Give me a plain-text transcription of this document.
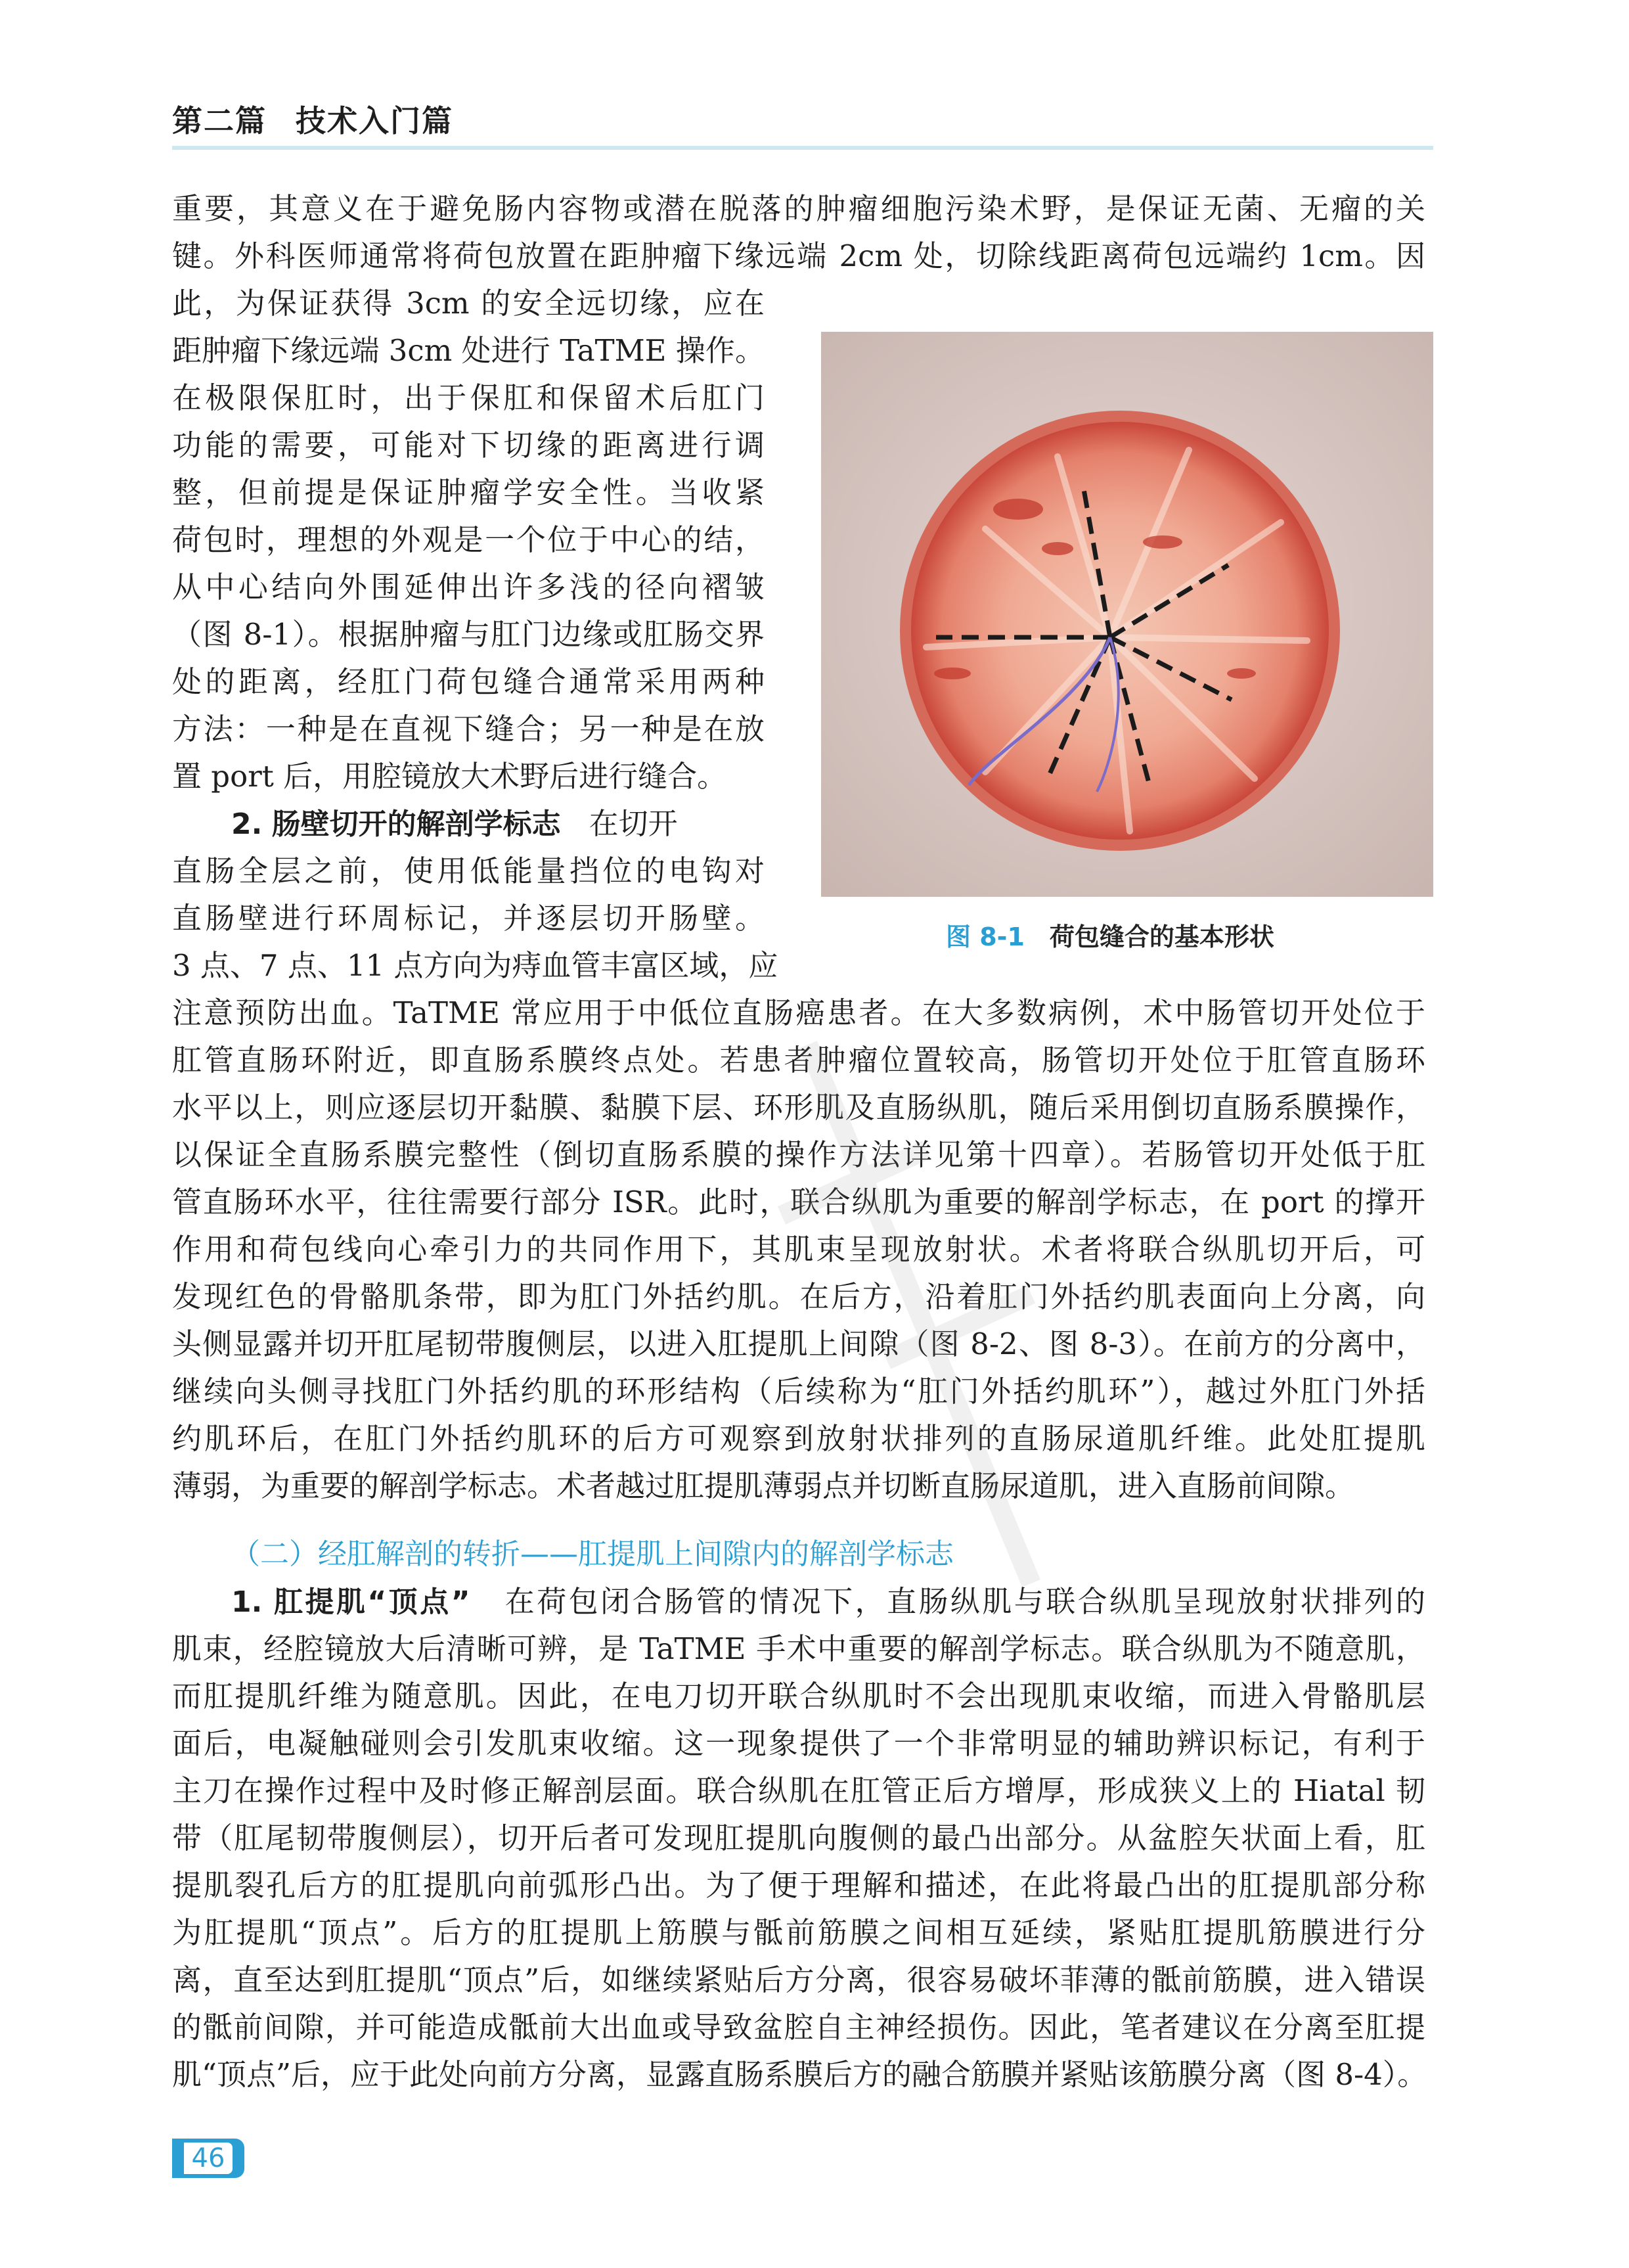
第二篇 技术入门篇
重要，其意义在于避免肠内容物或潜在脱落的肿瘤细胞污染术野，是保证无菌、无瘤的关
键。外科医师通常将荷包放置在距肿瘤下缘远端 2cm 处，切除线距离荷包远端约 1cm。因
此，为保证获得 3cm 的安全远切缘，应在
距肿瘤下缘远端 3cm 处进行 TaTME 操作。
在极限保肛时，出于保肛和保留术后肛门
功能的需要，可能对下切缘的距离进行调
整，但前提是保证肿瘤学安全性。当收紧
荷包时，理想的外观是一个位于中心的结，
从中心结向外围延伸出许多浅的径向褶皱
（图 8-1）。根据肿瘤与肛门边缘或肛肠交界
处的距离，经肛门荷包缝合通常采用两种
方法：一种是在直视下缝合；另一种是在放
置 port 后，用腔镜放大术野后进行缝合。
2. 肠壁切开的解剖学标志 在切开
直肠全层之前，使用低能量挡位的电钩对
直肠壁进行环周标记，并逐层切开肠壁。
3 点、7 点、11 点方向为痔血管丰富区域，应
注意预防出血。TaTME 常应用于中低位直肠癌患者。在大多数病例，术中肠管切开处位于
肛管直肠环附近，即直肠系膜终点处。若患者肿瘤位置较高，肠管切开处位于肛管直肠环
水平以上，则应逐层切开黏膜、黏膜下层、环形肌及直肠纵肌，随后采用倒切直肠系膜操作，
以保证全直肠系膜完整性（倒切直肠系膜的操作方法详见第十四章）。若肠管切开处低于肛
管直肠环水平，往往需要行部分 ISR。此时，联合纵肌为重要的解剖学标志，在 port 的撑开
作用和荷包线向心牵引力的共同作用下，其肌束呈现放射状。术者将联合纵肌切开后，可
发现红色的骨骼肌条带，即为肛门外括约肌。在后方，沿着肛门外括约肌表面向上分离，向
头侧显露并切开肛尾韧带腹侧层，以进入肛提肌上间隙（图 8-2、图 8-3）。在前方的分离中，
继续向头侧寻找肛门外括约肌的环形结构（后续称为“肛门外括约肌环”），越过外肛门外括
约肌环后，在肛门外括约肌环的后方可观察到放射状排列的直肠尿道肌纤维。此处肛提肌
薄弱，为重要的解剖学标志。术者越过肛提肌薄弱点并切断直肠尿道肌，进入直肠前间隙。
（二）经肛解剖的转折——肛提肌上间隙内的解剖学标志
1. 肛提肌“顶点” 在荷包闭合肠管的情况下，直肠纵肌与联合纵肌呈现放射状排列的
肌束，经腔镜放大后清晰可辨，是 TaTME 手术中重要的解剖学标志。联合纵肌为不随意肌，
而肛提肌纤维为随意肌。因此，在电刀切开联合纵肌时不会出现肌束收缩，而进入骨骼肌层
面后，电凝触碰则会引发肌束收缩。这一现象提供了一个非常明显的辅助辨识标记，有利于
主刀在操作过程中及时修正解剖层面。联合纵肌在肛管正后方增厚，形成狭义上的 Hiatal 韧
带（肛尾韧带腹侧层），切开后者可发现肛提肌向腹侧的最凸出部分。从盆腔矢状面上看，肛
提肌裂孔后方的肛提肌向前弧形凸出。为了便于理解和描述，在此将最凸出的肛提肌部分称
为肛提肌“顶点”。后方的肛提肌上筋膜与骶前筋膜之间相互延续，紧贴肛提肌筋膜进行分
离，直至达到肛提肌“顶点”后，如继续紧贴后方分离，很容易破坏菲薄的骶前筋膜，进入错误
的骶前间隙，并可能造成骶前大出血或导致盆腔自主神经损伤。因此，笔者建议在分离至肛提
肌“顶点”后，应于此处向前方分离，显露直肠系膜后方的融合筋膜并紧贴该筋膜分离（图 8-4）。
图 8-1 荷包缝合的基本形状
46
